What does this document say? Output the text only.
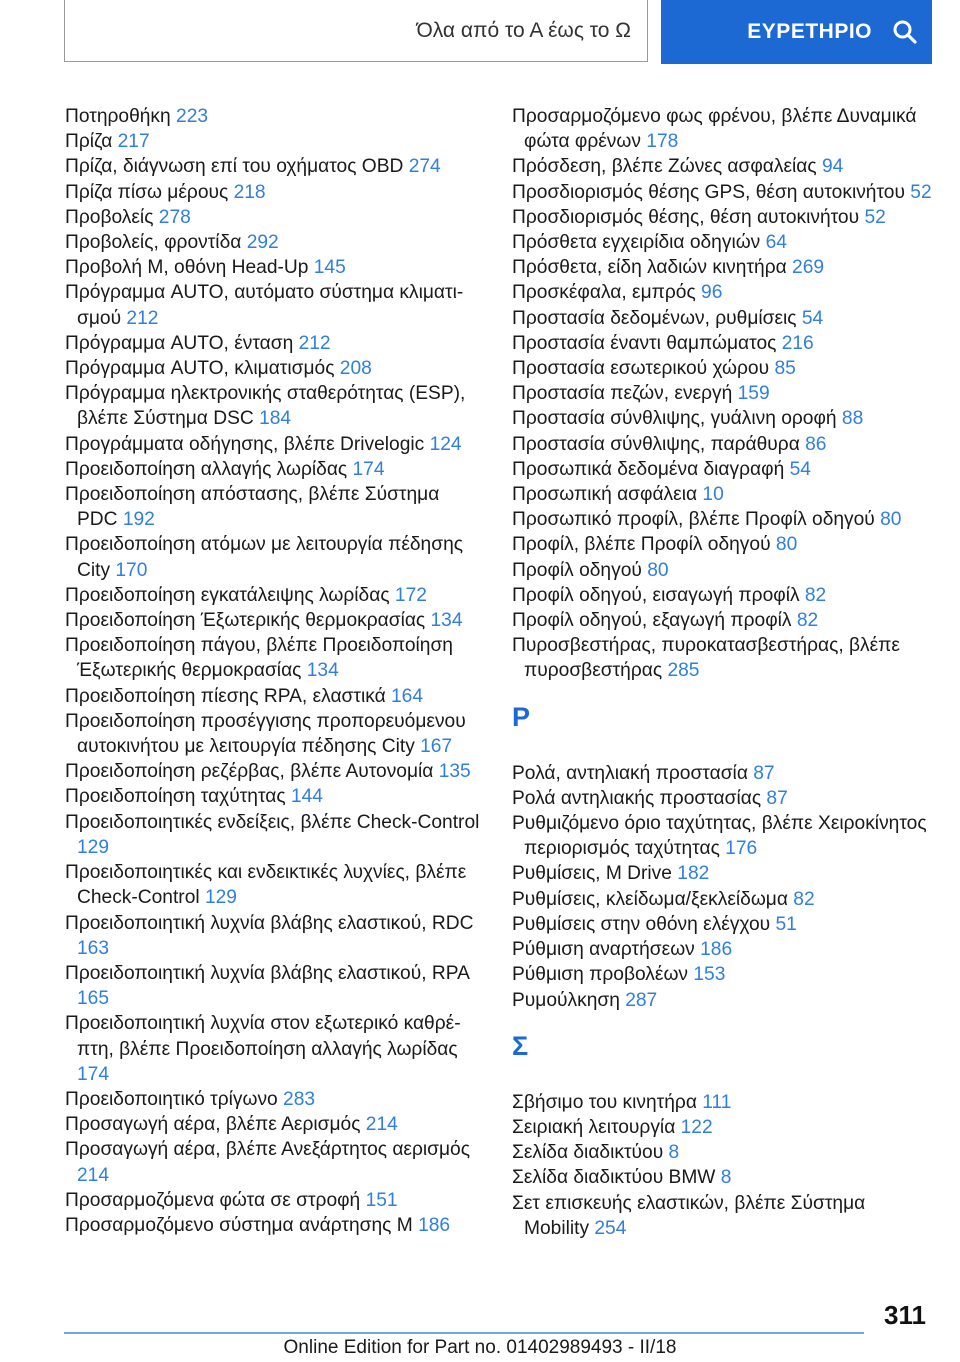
Όλα από το Α έως το Ω	ΕΥΡΕΤΗΡΙΟ

Ποτηροθήκη 223

Πρίζα 217

Πρίζα, διάγνωση επί του οχήματος OBD 274

Πρίζα πίσω μέρους 218

Προβολείς 278

Προβολείς, φροντίδα 292

Προβολή Μ, οθόνη Head-Up 145

Πρόγραμμα AUTO, αυτόματο σύστημα κλιματισμού 212

Πρόγραμμα AUTO, ένταση 212

Πρόγραμμα AUTO, κλιματισμός 208

Πρόγραμμα ηλεκτρονικής σταθερότητας (ESP), βλέπε Σύστημα DSC 184

Προγράμματα οδήγησης, βλέπε Drivelogic 124

Προειδοποίηση αλλαγής λωρίδας 174

Προειδοποίηση απόστασης, βλέπε Σύστημα PDC 192

Προειδοποίηση ατόμων με λειτουργία πέδησης City 170

Προειδοποίηση εγκατάλειψης λωρίδας 172

Προειδοποίηση Έξωτερικής θερμοκρασίας 134

Προειδοποίηση πάγου, βλέπε Προειδοποίηση Έξωτερικής θερμοκρασίας 134

Προειδοποίηση πίεσης RPA, ελαστικά 164

Προειδοποίηση προσέγγισης προπορευόμενου αυτοκινήτου με λειτουργία πέδησης City 167

Προειδοποίηση ρεζέρβας, βλέπε Αυτονομία 135

Προειδοποίηση ταχύτητας 144

Προειδοποιητικές ενδείξεις, βλέπε Check-Control 129

Προειδοποιητικές και ενδεικτικές λυχνίες, βλέπε Check-Control 129

Προειδοποιητική λυχνία βλάβης ελαστικού, RDC 163

Προειδοποιητική λυχνία βλάβης ελαστικού, RPA 165

Προειδοποιητική λυχνία στον εξωτερικό καθρέπτη, βλέπε Προειδοποίηση αλλαγής λωρίδας 174

Προειδοποιητικό τρίγωνο 283

Προσαγωγή αέρα, βλέπε Αερισμός 214

Προσαγωγή αέρα, βλέπε Ανεξάρτητος αερισμός 214

Προσαρμοζόμενα φώτα σε στροφή 151

Προσαρμοζόμενο σύστημα ανάρτησης M 186

Προσαρμοζόμενο φως φρένου, βλέπε Δυναμικά φώτα φρένων 178

Πρόσδεση, βλέπε Ζώνες ασφαλείας 94

Προσδιορισμός θέσης GPS, θέση αυτοκινήτου 52

Προσδιορισμός θέσης, θέση αυτοκινήτου 52

Πρόσθετα εγχειρίδια οδηγιών 64

Πρόσθετα, είδη λαδιών κινητήρα 269

Προσκέφαλα, εμπρός 96

Προστασία δεδομένων, ρυθμίσεις 54

Προστασία έναντι θαμπώματος 216

Προστασία εσωτερικού χώρου 85

Προστασία πεζών, ενεργή 159

Προστασία σύνθλιψης, γυάλινη οροφή 88

Προστασία σύνθλιψης, παράθυρα 86

Προσωπικά δεδομένα διαγραφή 54

Προσωπική ασφάλεια 10

Προσωπικό προφίλ, βλέπε Προφίλ οδηγού 80

Προφίλ, βλέπε Προφίλ οδηγού 80

Προφίλ οδηγού 80

Προφίλ οδηγού, εισαγωγή προφίλ 82

Προφίλ οδηγού, εξαγωγή προφίλ 82

Πυροσβεστήρας, πυροκατασβεστήρας, βλέπε πυροσβεστήρας 285

Ρ

Ρολά, αντηλιακή προστασία 87

Ρολά αντηλιακής προστασίας 87

Ρυθμιζόμενο όριο ταχύτητας, βλέπε Χειροκίνητος περιορισμός ταχύτητας 176

Ρυθμίσεις, M Drive 182

Ρυθμίσεις, κλείδωμα/ξεκλείδωμα 82

Ρυθμίσεις στην οθόνη ελέγχου 51

Ρύθμιση αναρτήσεων 186

Ρύθμιση προβολέων 153

Ρυμούλκηση 287

Σ

Σβήσιμο του κινητήρα 111

Σειριακή λειτουργία 122

Σελίδα διαδικτύου 8

Σελίδα διαδικτύου BMW 8

Σετ επισκευής ελαστικών, βλέπε Σύστημα Mobility 254

311
Online Edition for Part no. 01402989493 - II/18
